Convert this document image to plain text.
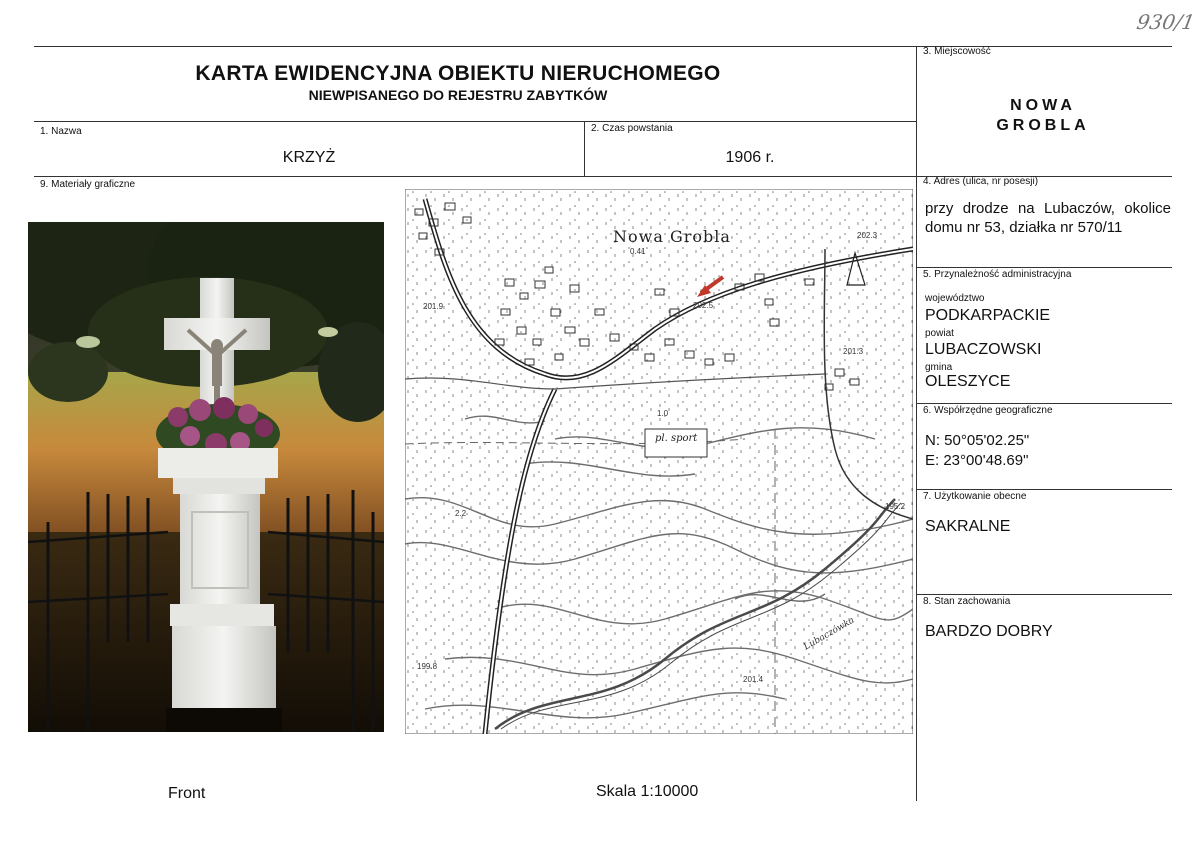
930/1
KARTA EWIDENCYJNA OBIEKTU NIERUCHOMEGO
NIEWPISANEGO DO REJESTRU ZABYTKÓW
3. Miejscowość
NOWA
GROBLA
1. Nazwa
KRZYŻ
2. Czas powstania
1906 r.
9. Materiały graficzne	4. Adres (ulica, nr posesji)
przy drodze na Lubaczów, okolice domu nr 53, działka nr 570/11
5. Przynależność administracyjna
województwo
PODKARPACKIE
powiat
LUBACZOWSKI
gmina
OLESZYCE
6. Współrzędne geograficzne
N: 50°05'02.25"
E: 23°00'48.69"
7. Użytkowanie obecne
SAKRALNE
8. Stan zachowania
BARDZO DOBRY
Nowa Grobla
pl. sport
Lubaczówka
0.41
202.5
202.3
201.9
201.3
195.2
199.8
201.4
1.0
2.2
Front	Skala 1:10000
